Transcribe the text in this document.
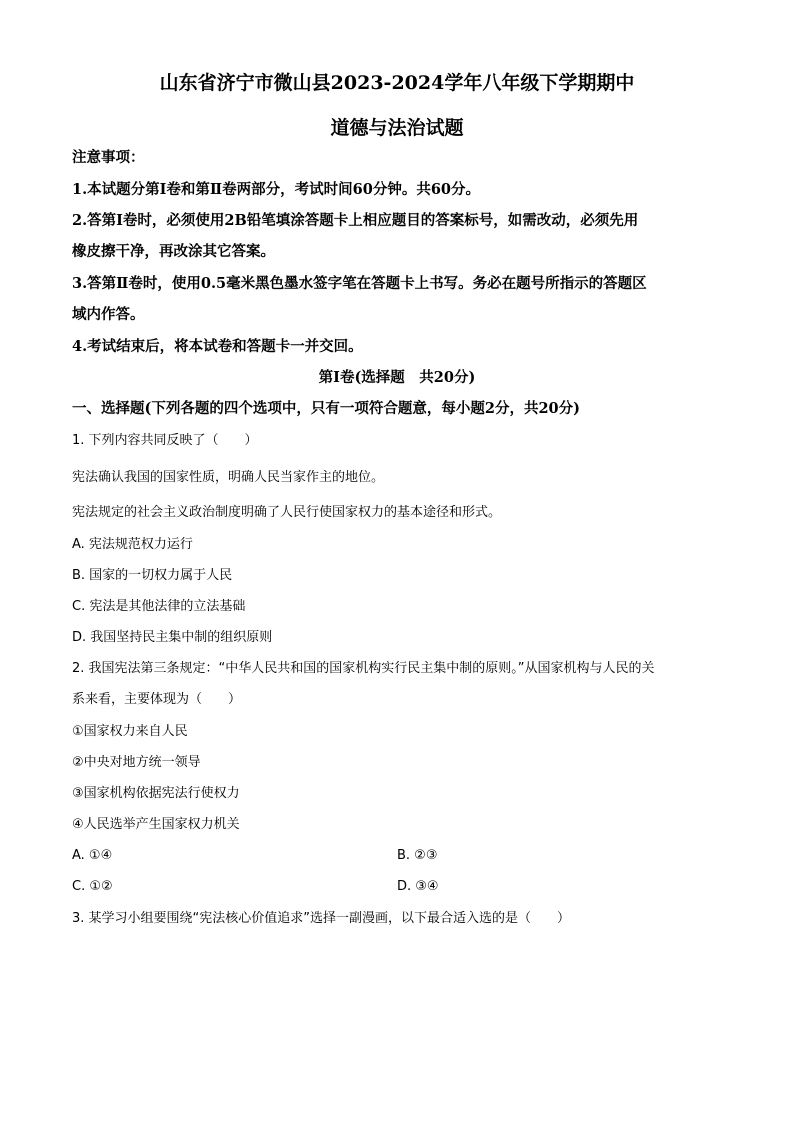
山东省济宁市微山县2023-2024学年八年级下学期期中
道德与法治试题
注意事项：
1.本试题分第Ⅰ卷和第Ⅱ卷两部分，考试时间60分钟。共60分。
2.答第Ⅰ卷时，必须使用2B铅笔填涂答题卡上相应题目的答案标号，如需改动，必须先用
橡皮擦干净，再改涂其它答案。
3.答第Ⅱ卷时，使用0.5毫米黑色墨水签字笔在答题卡上书写。务必在题号所指示的答题区
域内作答。
4.考试结束后，将本试卷和答题卡一并交回。
第Ⅰ卷(选择题　共20分)
一、选择题(下列各题的四个选项中，只有一项符合题意，每小题2分，共20分)
1. 下列内容共同反映了（　　）
宪法确认我国的国家性质，明确人民当家作主的地位。
宪法规定的社会主义政治制度明确了人民行使国家权力的基本途径和形式。
A. 宪法规范权力运行
B. 国家的一切权力属于人民
C. 宪法是其他法律的立法基础
D. 我国坚持民主集中制的组织原则
2. 我国宪法第三条规定：“中华人民共和国的国家机构实行民主集中制的原则。”从国家机构与人民的关
系来看，主要体现为（　　）
①国家权力来自人民
②中央对地方统一领导
③国家机构依据宪法行使权力
④人民选举产生国家权力机关
A. ①④	B. ②③
C. ①②	D. ③④
3. 某学习小组要围绕“宪法核心价值追求”选择一副漫画，以下最合适入选的是（　　）
